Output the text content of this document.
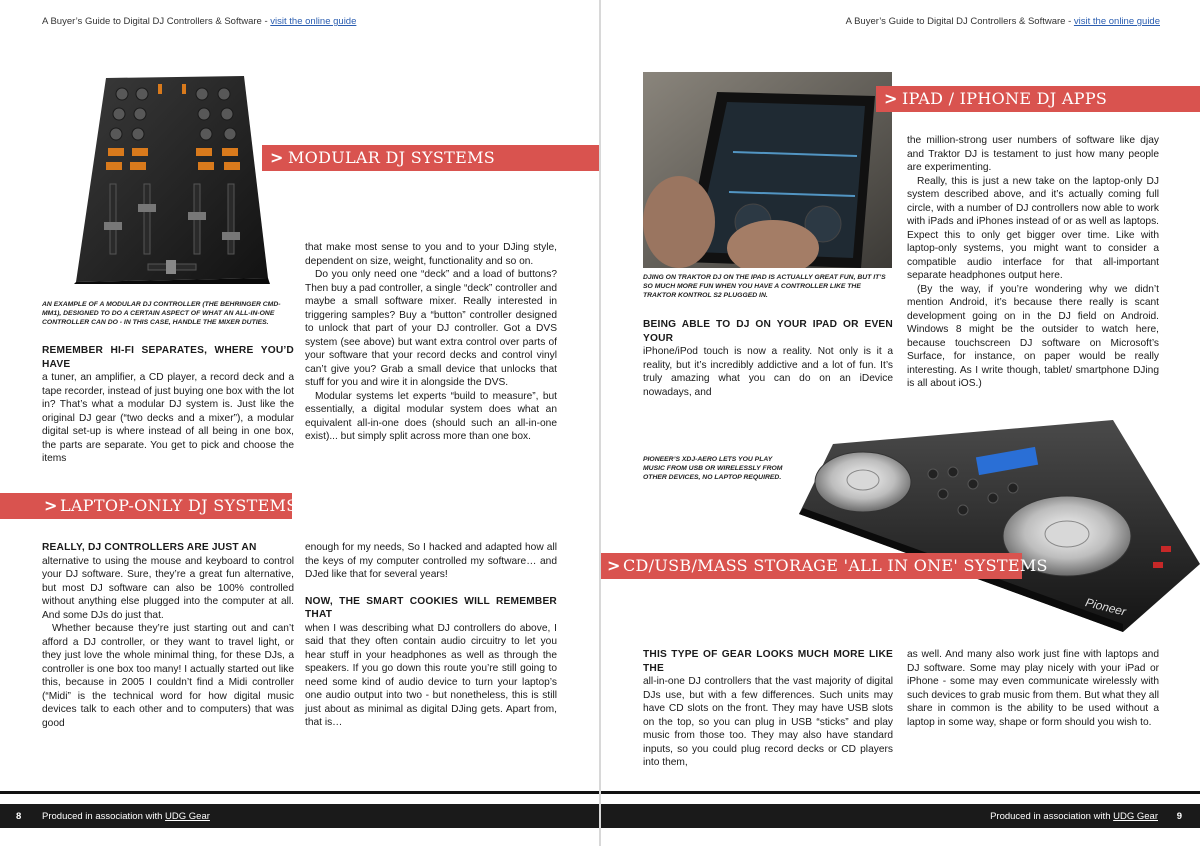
A Buyer’s Guide to Digital DJ Controllers & Software - visit the online guide
> MODULAR DJ SYSTEMS
AN EXAMPLE OF A MODULAR DJ CONTROLLER (THE BEHRINGER CMD-MM1), DESIGNED TO DO A CERTAIN ASPECT OF WHAT AN ALL-IN-ONE CONTROLLER CAN DO - IN THIS CASE, HANDLE THE MIXER DUTIES.

REMEMBER HI-FI SEPARATES, WHERE YOU’D HAVE
a tuner, an amplifier, a CD player, a record deck and a tape recorder, instead of just buying one box with the lot in? That’s what a modular DJ system is. Just like the original DJ gear (“two decks and a mixer”), a modular digital set-up is where instead of all being in one box, the parts are separate. You get to pick and choose the items

that make most sense to you and to your DJing style, dependent on size, weight, functionality and so on.

Do you only need one “deck” and a load of buttons? Then buy a pad controller, a single “deck” controller and maybe a small software mixer. Really interested in triggering samples? Buy a “button” controller designed to unlock that part of your DJ controller. Got a DVS system (see above) but want extra control over parts of your software that your record decks and control vinyl can’t give you? Grab a small device that unlocks that stuff for you and wire it in alongside the DVS.

Modular systems let experts “build to measure”, but essentially, a digital modular system does what an equivalent all-in-one does (should such an all-in-one exist)... but simply split across more than one box.

> LAPTOP-ONLY DJ SYSTEMS

REALLY, DJ CONTROLLERS ARE JUST AN
alternative to using the mouse and keyboard to control your DJ software. Sure, they’re a great fun alternative, but most DJ software can also be 100% controlled without anything else plugged into the computer at all. And some DJs do just that.

Whether because they’re just starting out and can’t afford a DJ controller, or they want to travel light, or they just love the whole minimal thing, for these DJs, a controller is one box too many! I actually started out like this, because in 2005 I couldn’t find a Midi controller (“Midi” is the technical word for how digital music devices talk to each other and to computers) that was good

enough for my needs, So I hacked and adapted how all the keys of my computer controlled my software… and DJed like that for several years!

NOW, THE SMART COOKIES WILL REMEMBER THAT
when I was describing what DJ controllers do above, I said that they often contain audio circuitry to let you hear stuff in your headphones as well as through the speakers. If you go down this route you’re still going to need some kind of audio device to turn your laptop’s one audio output into two - but nonetheless, this is still just about as minimal as digital DJing gets. Apart from, that is…

8 Produced in association with UDG Gear
A Buyer’s Guide to Digital DJ Controllers & Software - visit the online guide
> IPAD / IPHONE DJ APPS
DJING ON TRAKTOR DJ ON THE IPAD IS ACTUALLY GREAT FUN, BUT IT’S SO MUCH MORE FUN WHEN YOU HAVE A CONTROLLER LIKE THE TRAKTOR KONTROL S2 PLUGGED IN.

BEING ABLE TO DJ ON YOUR IPAD OR EVEN YOUR
iPhone/iPod touch is now a reality. Not only is it a reality, but it’s incredibly addictive and a lot of fun. It’s truly amazing what you can do on an iDevice nowadays, and

the million-strong user numbers of software like djay and Traktor DJ is testament to just how many people are experimenting.

Really, this is just a new take on the laptop-only DJ system described above, and it’s actually coming full circle, with a number of DJ controllers now able to work with iPads and iPhones instead of or as well as laptops. Expect this to only get bigger over time. Like with laptop-only systems, you might want to consider a compatible audio interface for that all-important separate headphones output here.

(By the way, if you’re wondering why we didn’t mention Android, it’s because there really is scant development going on in the DJ field on Android. Windows 8 might be the outsider to watch here, because touchscreen DJ software on Microsoft’s Surface, for instance, on paper would be really interesting. As I write though, tablet/ smartphone DJing is all about iOS.)

PIONEER’S XDJ-AERO LETS YOU PLAY MUSIC FROM USB OR WIRELESSLY FROM OTHER DEVICES, NO LAPTOP REQUIRED.
Pioneer
> CD/USB/MASS STORAGE 'ALL IN ONE' SYSTEMS

THIS TYPE OF GEAR LOOKS MUCH MORE LIKE THE
all-in-one DJ controllers that the vast majority of digital DJs use, but with a few differences. Such units may have CD slots on the front. They may have USB slots on the top, so you can plug in USB “sticks” and play music from those too. They may also have standard inputs, so you could plug record decks or CD players into them,

as well. And many also work just fine with laptops and DJ software. Some may play nicely with your iPad or iPhone - some may even communicate wirelessly with such devices to grab music from them. But what they all share in common is the ability to be used without a laptop in some way, shape or form should you wish to.

Produced in association with UDG Gear 9
